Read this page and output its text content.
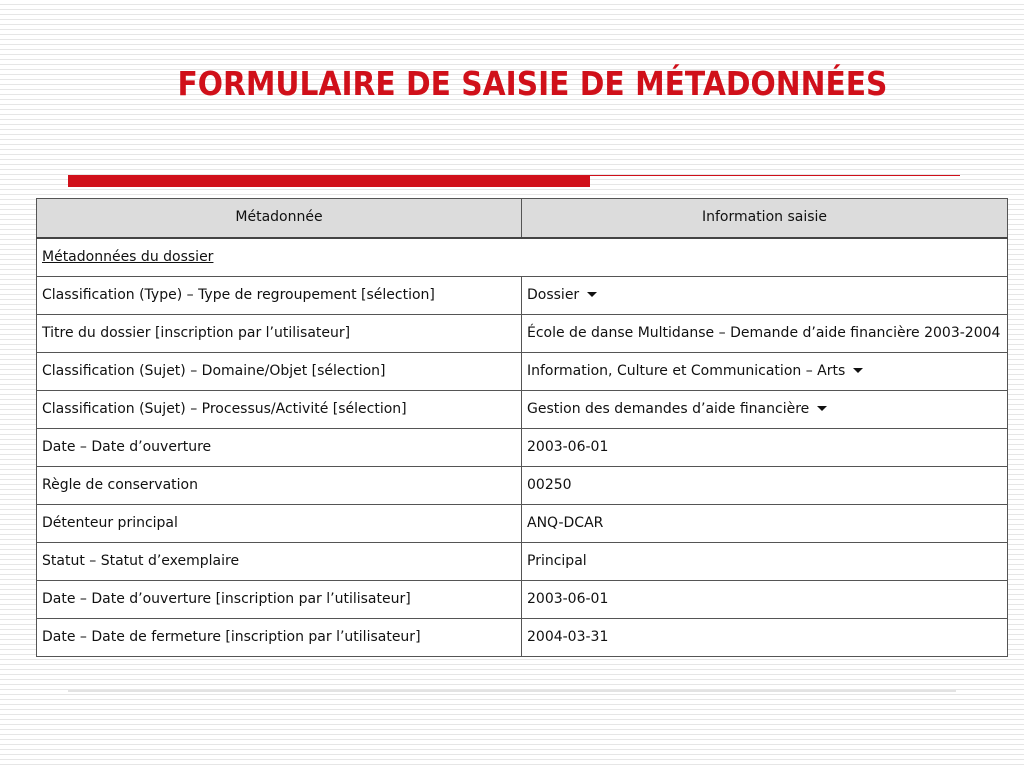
FORMULAIRE DE SAISIE DE MÉTADONNÉES
Métadonnée	Information saisie
Métadonnées du dossier	
Classification (Type) – Type de regroupement [sélection]	Dossier
Titre du dossier [inscription par l’utilisateur]	École de danse Multidanse – Demande d’aide financière 2003-2004
Classification (Sujet) – Domaine/Objet [sélection]	Information, Culture et Communication – Arts
Classification (Sujet) – Processus/Activité [sélection]	Gestion des demandes d’aide financière
Date – Date d’ouverture	2003-06-01
Règle de conservation	00250
Détenteur principal	ANQ-DCAR
Statut – Statut d’exemplaire	Principal
Date – Date d’ouverture [inscription par l’utilisateur]	2003-06-01
Date – Date de fermeture [inscription par l’utilisateur]	2004-03-31
